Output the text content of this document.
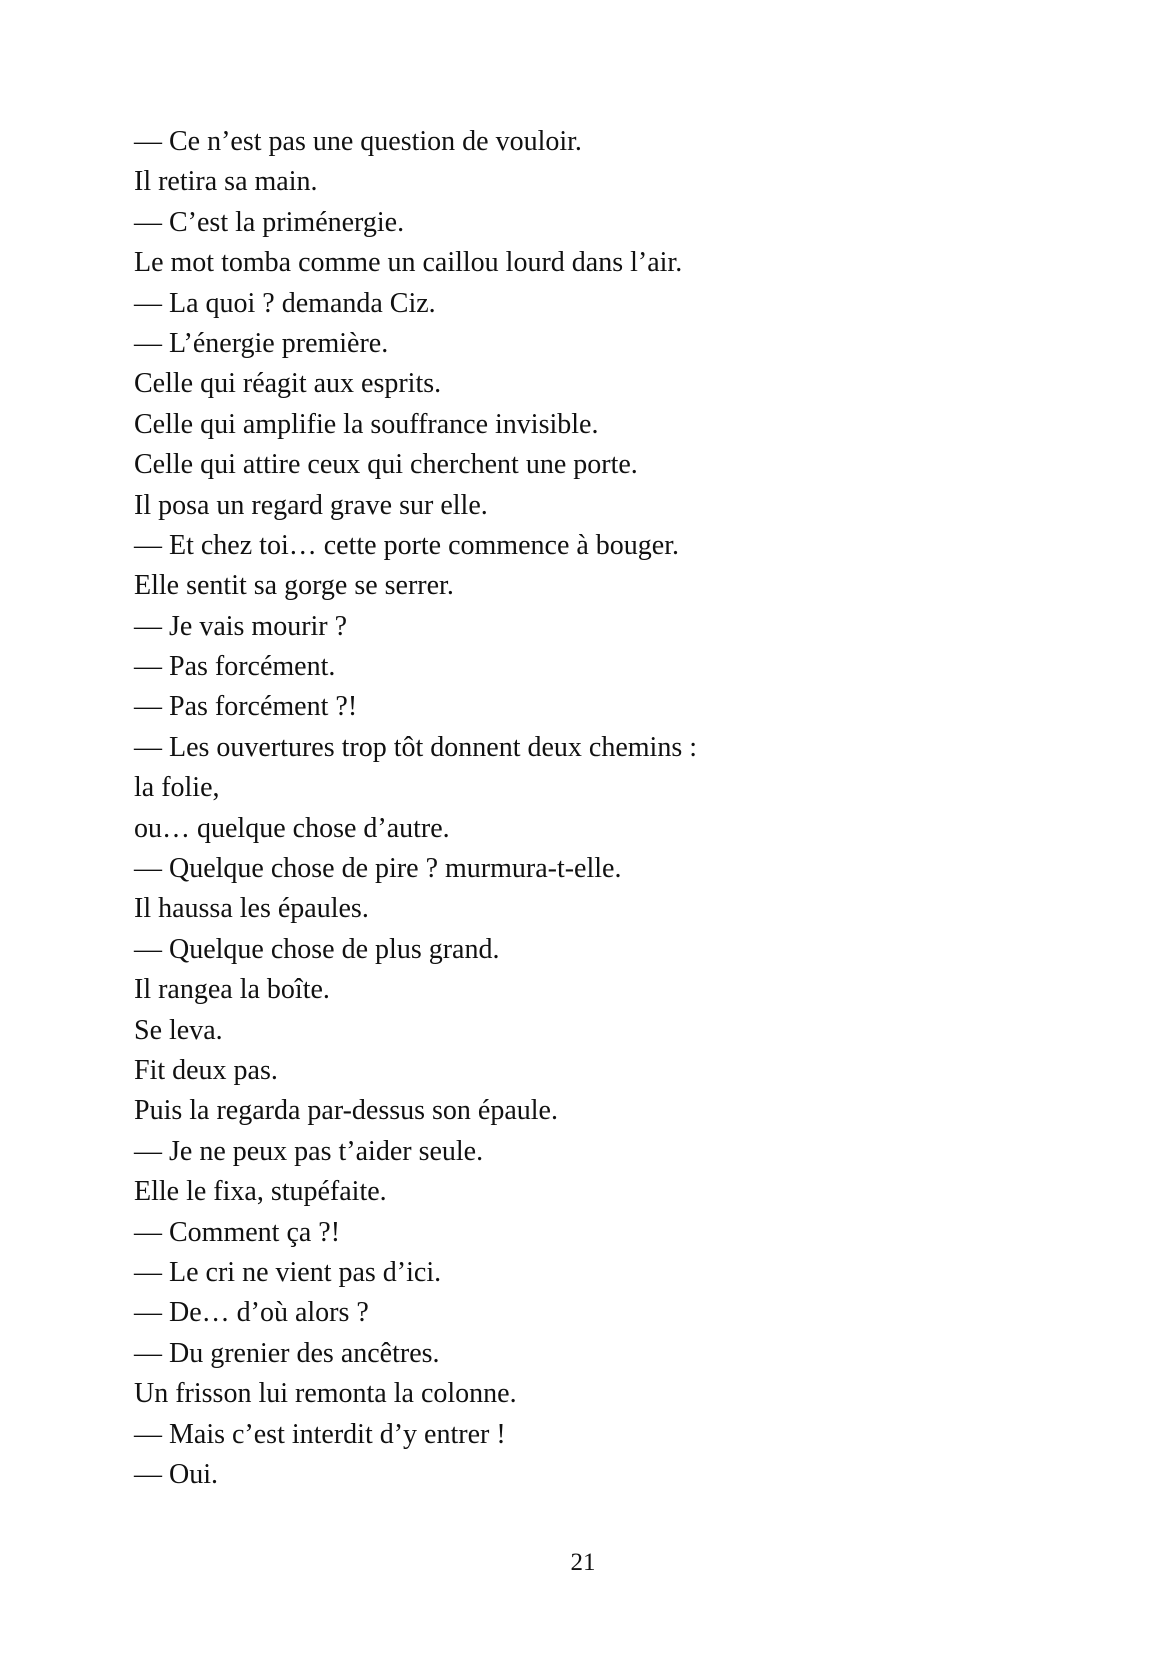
— Ce n’est pas une question de vouloir.

Il retira sa main.

— C’est la priménergie.

Le mot tomba comme un caillou lourd dans l’air.

— La quoi ? demanda Ciz.

— L’énergie première.

Celle qui réagit aux esprits.

Celle qui amplifie la souffrance invisible.

Celle qui attire ceux qui cherchent une porte.

Il posa un regard grave sur elle.

— Et chez toi… cette porte commence à bouger.

Elle sentit sa gorge se serrer.

— Je vais mourir ?

— Pas forcément.

— Pas forcément ?!

— Les ouvertures trop tôt donnent deux chemins :

la folie,

ou… quelque chose d’autre.

— Quelque chose de pire ? murmura-t-elle.

Il haussa les épaules.

— Quelque chose de plus grand.

Il rangea la boîte.

Se leva.

Fit deux pas.

Puis la regarda par-dessus son épaule.

— Je ne peux pas t’aider seule.

Elle le fixa, stupéfaite.

— Comment ça ?!

— Le cri ne vient pas d’ici.

— De… d’où alors ?

— Du grenier des ancêtres.

Un frisson lui remonta la colonne.

— Mais c’est interdit d’y entrer !

— Oui.

21
